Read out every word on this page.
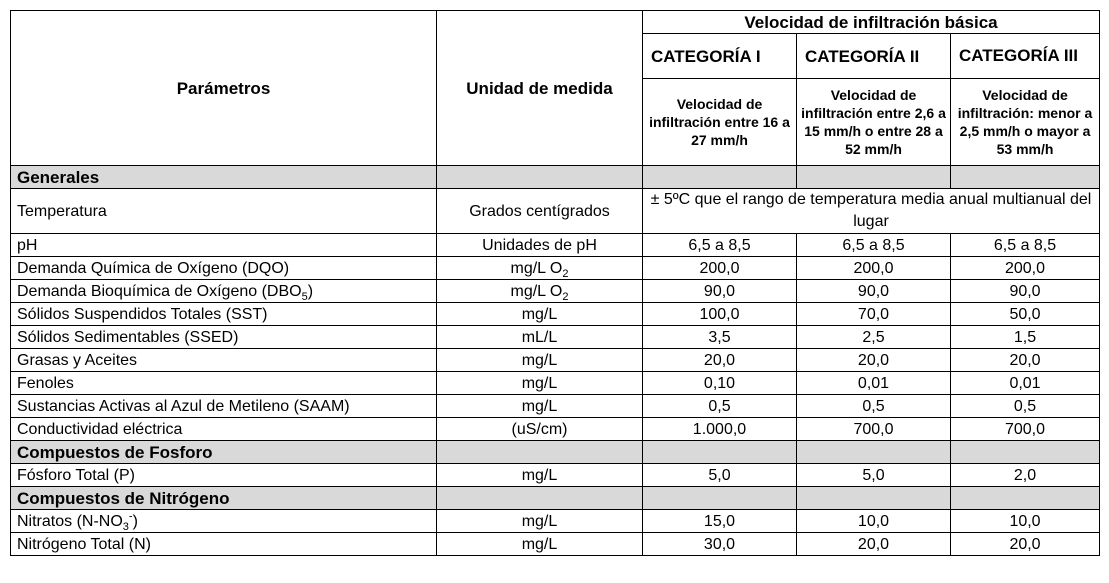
Parámetros	Unidad de medida	Velocidad de infiltración básica		
		CATEGORÍA I	CATEGORÍA II	CATEGORÍA III
		Velocidad de infiltración entre 16 a 27 mm/h	Velocidad de infiltración entre 2,6 a 15 mm/h o entre 28 a 52 mm/h	Velocidad de infiltración: menor a 2,5 mm/h o mayor a 53 mm/h
Generales				
Temperatura	Grados centígrados	± 5ºC que el rango de temperatura media anual multianual del lugar		
pH	Unidades de pH	6,5 a 8,5	6,5 a 8,5	6,5 a 8,5
Demanda Química de Oxígeno (DQO)	mg/L $O_2$	200,0	200,0	200,0
Demanda Bioquímica de Oxígeno $(DBO_5)$	mg/L $O_2$	90,0	90,0	90,0
Sólidos Suspendidos Totales (SST)	mg/L	100,0	70,0	50,0
Sólidos Sedimentables (SSED)	mL/L	3,5	2,5	1,5
Grasas y Aceites	mg/L	20,0	20,0	20,0
Fenoles	mg/L	0,10	0,01	0,01
Sustancias Activas al Azul de Metileno (SAAM)	mg/L	0,5	0,5	0,5
Conductividad eléctrica	(uS/cm)	1.000,0	700,0	700,0
Compuestos de Fosforo				
Fósforo Total (P)	mg/L	5,0	5,0	2,0
Compuestos de Nitrógeno				
Nitratos $(N-NO_3^-)$	mg/L	15,0	10,0	10,0
Nitrógeno Total (N)	mg/L	30,0	20,0	20,0
